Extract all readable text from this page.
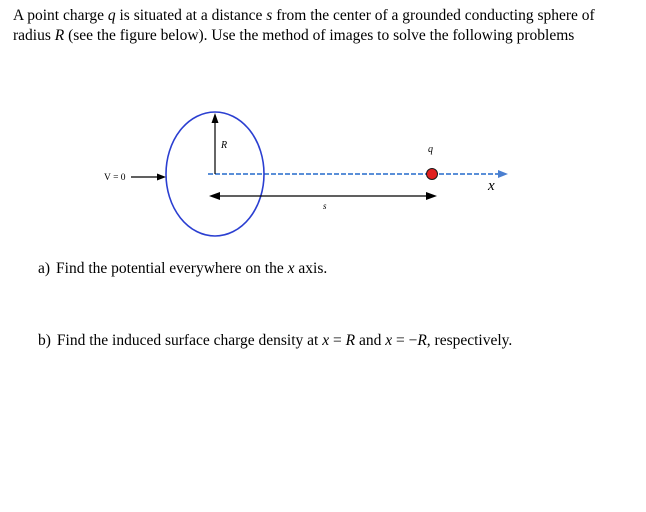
A point charge q is situated at a distance s from the center of a grounded conducting sphere of

radius R (see the figure below). Use the method of images to solve the following problems

R
V = 0
q
s
x
a) Find the potential everywhere on the x axis.
b) Find the induced surface charge density at x = R and x = −R, respectively.
